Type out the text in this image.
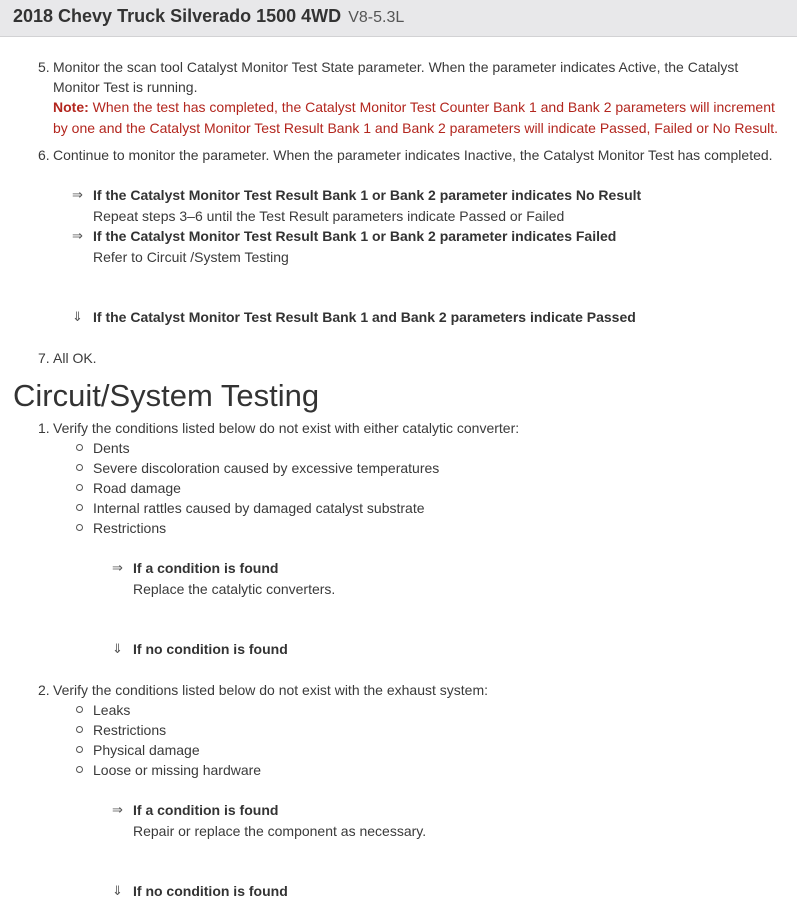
2018 Chevy Truck Silverado 1500 4WD V8-5.3L
5. Monitor the scan tool Catalyst Monitor Test State parameter. When the parameter indicates Active, the Catalyst
Monitor Test is running.
Note: When the test has completed, the Catalyst Monitor Test Counter Bank 1 and Bank 2 parameters will increment
by one and the Catalyst Monitor Test Result Bank 1 and Bank 2 parameters will indicate Passed, Failed or No Result.
6. Continue to monitor the parameter. When the parameter indicates Inactive, the Catalyst Monitor Test has completed.
⇒ If the Catalyst Monitor Test Result Bank 1 or Bank 2 parameter indicates No Result
Repeat steps 3–6 until the Test Result parameters indicate Passed or Failed
⇒ If the Catalyst Monitor Test Result Bank 1 or Bank 2 parameter indicates Failed
Refer to Circuit /System Testing
⇓ If the Catalyst Monitor Test Result Bank 1 and Bank 2 parameters indicate Passed
7. All OK.
Circuit/System Testing
1. Verify the conditions listed below do not exist with either catalytic converter:
Dents
Severe discoloration caused by excessive temperatures
Road damage
Internal rattles caused by damaged catalyst substrate
Restrictions
⇒ If a condition is found
Replace the catalytic converters.
⇓ If no condition is found
2. Verify the conditions listed below do not exist with the exhaust system:
Leaks
Restrictions
Physical damage
Loose or missing hardware
⇒ If a condition is found
Repair or replace the component as necessary.
⇓ If no condition is found
